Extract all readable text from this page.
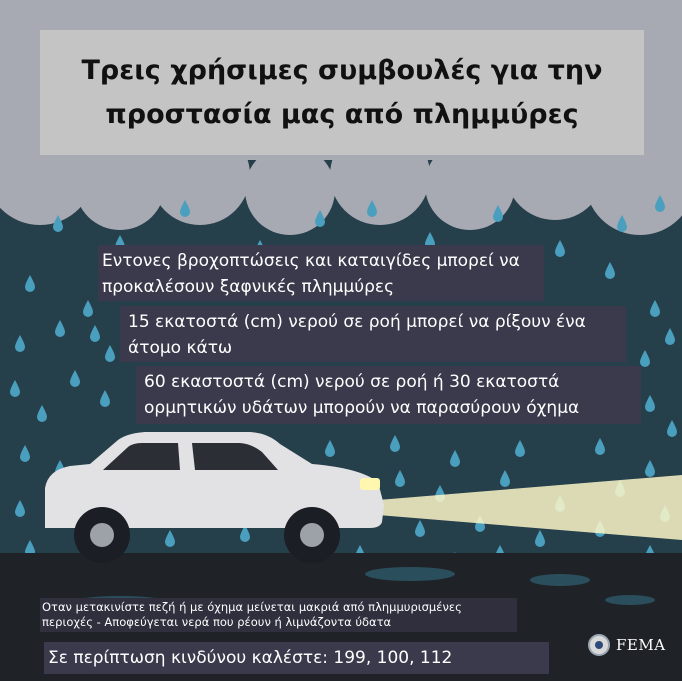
Τρεις χρήσιμες συμβουλές για την
προστασία μας από πλημμύρες
Εντονες βροχοπτώσεις και καταιγίδες μπορεί να
προκαλέσουν ξαφνικές πλημμύρες
15 εκατοστά (cm) νερού σε ροή μπορεί να ρίξουν ένα
άτομο κάτω
60 εκαστοστά (cm) νερού σε ροή ή 30 εκατοστά
ορμητικών υδάτων μπορούν να παρασύρουν όχημα
Οταν μετακινίστε πεζή ή με όχημα μείνεται μακριά από πλημμυρισμένες
περιοχές - Αποφεύγεται νερά που ρέουν ή λιμνάζοντα ύδατα
Σε περίπτωση κινδύνου καλέστε: 199, 100, 112
FEMA
